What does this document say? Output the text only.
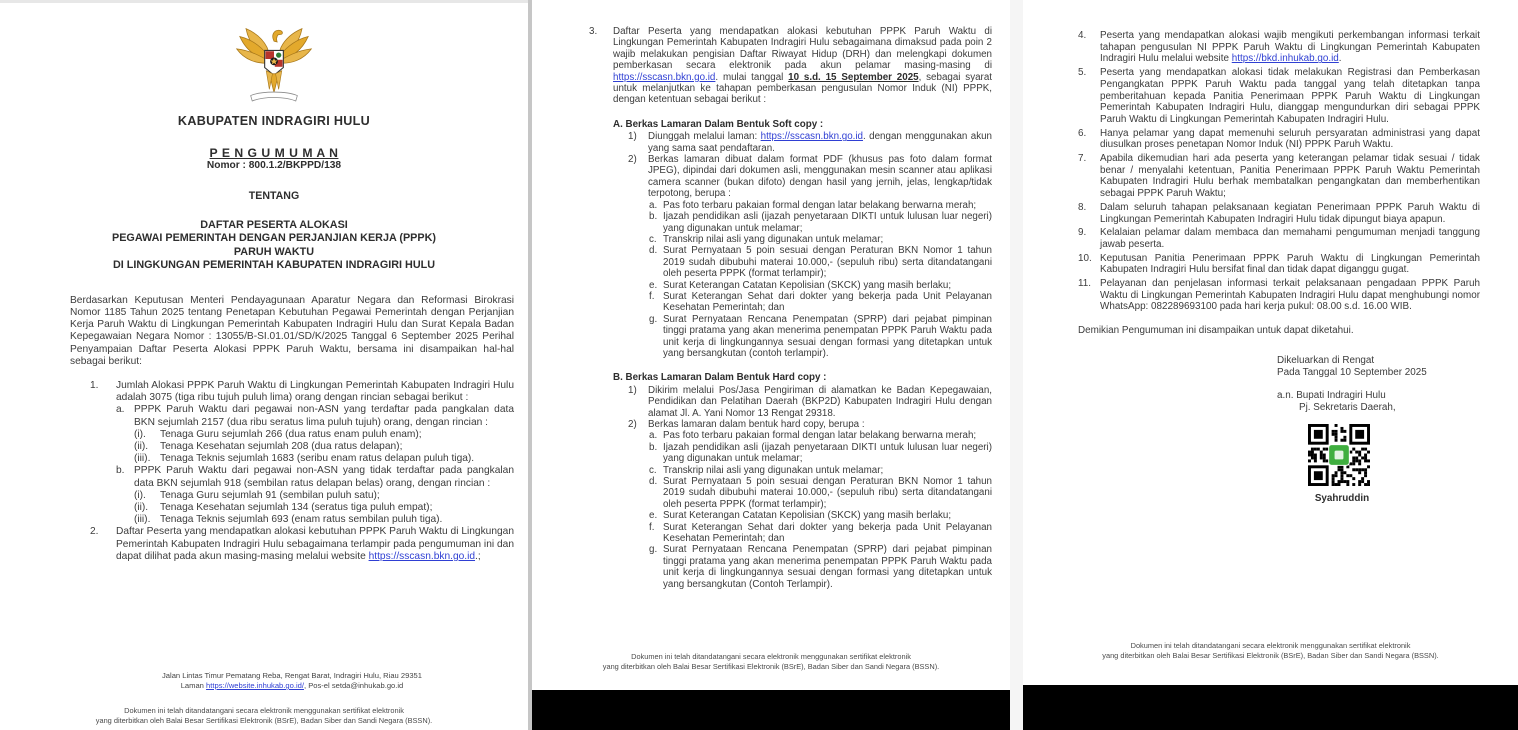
KABUPATEN INDRAGIRI HULU
P E N G U M U M A N
Nomor : 800.1.2/BKPPD/138
TENTANG
DAFTAR PESERTA ALOKASI
PEGAWAI PEMERINTAH DENGAN PERJANJIAN KERJA (PPPK)
PARUH WAKTU
DI LINGKUNGAN PEMERINTAH KABUPATEN INDRAGIRI HULU

Berdasarkan Keputusan Menteri Pendayagunaan Aparatur Negara dan Reformasi Birokrasi Nomor 1185 Tahun 2025 tentang Penetapan Kebutuhan Pegawai Pemerintah dengan Perjanjian Kerja Paruh Waktu di Lingkungan Pemerintah Kabupaten Indragiri Hulu dan Surat Kepala Badan Kepegawaian Negara Nomor : 13055/B-SI.01.01/SD/K/2025 Tanggal 6 September 2025 Perihal Penyampaian Daftar Peserta Alokasi PPPK Paruh Waktu, bersama ini disampaikan hal-hal sebagai berikut:

1.	Jumlah Alokasi PPPK Paruh Waktu di Lingkungan Pemerintah Kabupaten Indragiri Hulu adalah 3075 (tiga ribu tujuh puluh lima) orang dengan rincian sebagai berikut :
a. PPPK Paruh Waktu dari pegawai non-ASN yang terdaftar pada pangkalan data BKN sejumlah 2157 (dua ribu seratus lima puluh tujuh) orang, dengan rincian :
(i).	Tenaga Guru sejumlah 266 (dua ratus enam puluh enam);
(ii).	Tenaga Kesehatan sejumlah 208 (dua ratus delapan);
(iii). Tenaga Teknis sejumlah 1683 (seribu enam ratus delapan puluh tiga).
b. PPPK Paruh Waktu dari pegawai non-ASN yang tidak terdaftar pada pangkalan data BKN sejumlah 918 (sembilan ratus delapan belas) orang, dengan rincian :
(i).	Tenaga Guru sejumlah 91 (sembilan puluh satu);
(ii).	Tenaga Kesehatan sejumlah 134 (seratus tiga puluh empat);
(iii). Tenaga Teknis sejumlah 693 (enam ratus sembilan puluh tiga).
2.	Daftar Peserta yang mendapatkan alokasi kebutuhan PPPK Paruh Waktu di Lingkungan Pemerintah Kabupaten Indragiri Hulu sebagaimana terlampir pada pengumuman ini dan dapat dilihat pada akun masing-masing melalui website https://sscasn.bkn.go.id.;
Jalan Lintas Timur Pematang Reba, Rengat Barat, Indragiri Hulu, Riau 29351
Laman https://website.inhukab.go.id/, Pos-el setda@inhukab.go.id
Dokumen ini telah ditandatangani secara elektronik menggunakan sertifikat elektronik
yang diterbitkan oleh Balai Besar Sertifikasi Elektronik (BSrE), Badan Siber dan Sandi Negara (BSSN).
3.	Daftar Peserta yang mendapatkan alokasi kebutuhan PPPK Paruh Waktu di Lingkungan Pemerintah Kabupaten Indragiri Hulu sebagaimana dimaksud pada poin 2 wajib melakukan pengisian Daftar Riwayat Hidup (DRH) dan melengkapi dokumen pemberkasan secara elektronik pada akun pelamar masing-masing di https://sscasn.bkn.go.id. mulai tanggal 10 s.d. 15 September 2025, sebagai syarat untuk melanjutkan ke tahapan pemberkasan pengusulan Nomor Induk (NI) PPPK, dengan ketentuan sebagai berikut :
A. Berkas Lamaran Dalam Bentuk Soft copy :
1)	Diunggah melalui laman: https://sscasn.bkn.go.id. dengan menggunakan akun yang sama saat pendaftaran.
2)	Berkas lamaran dibuat dalam format PDF (khusus pas foto dalam format JPEG), dipindai dari dokumen asli, menggunakan mesin scanner atau aplikasi camera scanner (bukan difoto) dengan hasil yang jernih, jelas, lengkap/tidak terpotong, berupa :
a. Pas foto terbaru pakaian formal dengan latar belakang berwarna merah;
b. Ijazah pendidikan asli (ijazah penyetaraan DIKTI untuk lulusan luar negeri) yang digunakan untuk melamar;
c. Transkrip nilai asli yang digunakan untuk melamar;
d. Surat Pernyataan 5 poin sesuai dengan Peraturan BKN Nomor 1 tahun 2019 sudah dibubuhi materai 10.000,- (sepuluh ribu) serta ditandatangani oleh peserta PPPK (format terlampir);
e. Surat Keterangan Catatan Kepolisian (SKCK) yang masih berlaku;
f. Surat Keterangan Sehat dari dokter yang bekerja pada Unit Pelayanan Kesehatan Pemerintah; dan
g. Surat Pernyataan Rencana Penempatan (SPRP) dari pejabat pimpinan tinggi pratama yang akan menerima penempatan PPPK Paruh Waktu pada unit kerja di lingkungannya sesuai dengan formasi yang ditetapkan untuk yang bersangkutan (contoh terlampir).
B. Berkas Lamaran Dalam Bentuk Hard copy :
1)	Dikirim melalui Pos/Jasa Pengiriman di alamatkan ke Badan Kepegawaian, Pendidikan dan Pelatihan Daerah (BKP2D) Kabupaten Indragiri Hulu dengan alamat Jl. A. Yani Nomor 13 Rengat 29318.
2)	Berkas lamaran dalam bentuk hard copy, berupa :
a. Pas foto terbaru pakaian formal dengan latar belakang berwarna merah;
b. Ijazah pendidikan asli (ijazah penyetaraan DIKTI untuk lulusan luar negeri) yang digunakan untuk melamar;
c. Transkrip nilai asli yang digunakan untuk melamar;
d. Surat Pernyataan 5 poin sesuai dengan Peraturan BKN Nomor 1 tahun 2019 sudah dibubuhi materai 10.000,- (sepuluh ribu) serta ditandatangani oleh peserta PPPK (format terlampir);
e. Surat Keterangan Catatan Kepolisian (SKCK) yang masih berlaku;
f. Surat Keterangan Sehat dari dokter yang bekerja pada Unit Pelayanan Kesehatan Pemerintah; dan
g. Surat Pernyataan Rencana Penempatan (SPRP) dari pejabat pimpinan tinggi pratama yang akan menerima penempatan PPPK Paruh Waktu pada unit kerja di lingkungannya sesuai dengan formasi yang ditetapkan untuk yang bersangkutan (Contoh Terlampir).
Dokumen ini telah ditandatangani secara elektronik menggunakan sertifikat elektronik
yang diterbitkan oleh Balai Besar Sertifikasi Elektronik (BSrE), Badan Siber dan Sandi Negara (BSSN).
4.	Peserta yang mendapatkan alokasi wajib mengikuti perkembangan informasi terkait tahapan pengusulan NI PPPK Paruh Waktu di Lingkungan Pemerintah Kabupaten Indragiri Hulu melalui website https://bkd.inhukab.go.id.
5.	Peserta yang mendapatkan alokasi tidak melakukan Registrasi dan Pemberkasan Pengangkatan PPPK Paruh Waktu pada tanggal yang telah ditetapkan tanpa pemberitahuan kepada Panitia Penerimaan PPPK Paruh Waktu di Lingkungan Pemerintah Kabupaten Indragiri Hulu, dianggap mengundurkan diri sebagai PPPK Paruh Waktu di Lingkungan Pemerintah Kabupaten Indragiri Hulu.
6.	Hanya pelamar yang dapat memenuhi seluruh persyaratan administrasi yang dapat diusulkan proses penetapan Nomor Induk (NI) PPPK Paruh Waktu.
7.	Apabila dikemudian hari ada peserta yang keterangan pelamar tidak sesuai / tidak benar / menyalahi ketentuan, Panitia Penerimaan PPPK Paruh Waktu Pemerintah Kabupaten Indragiri Hulu berhak membatalkan pengangkatan dan memberhentikan sebagai PPPK Paruh Waktu;
8.	Dalam seluruh tahapan pelaksanaan kegiatan Penerimaan PPPK Paruh Waktu di Lingkungan Pemerintah Kabupaten Indragiri Hulu tidak dipungut biaya apapun.
9.	Kelalaian pelamar dalam membaca dan memahami pengumuman menjadi tanggung jawab peserta.
10. Keputusan Panitia Penerimaan PPPK Paruh Waktu di Lingkungan Pemerintah Kabupaten Indragiri Hulu bersifat final dan tidak dapat diganggu gugat.
11. Pelayanan dan penjelasan informasi terkait pelaksanaan pengadaan PPPK Paruh Waktu di Lingkungan Pemerintah Kabupaten Indragiri Hulu dapat menghubungi nomor WhatsApp: 082289693100 pada hari kerja pukul: 08.00 s.d. 16.00 WIB.
Demikian Pengumuman ini disampaikan untuk dapat diketahui.
Dikeluarkan di Rengat
Pada Tanggal 10 September 2025
a.n. Bupati Indragiri Hulu
Pj. Sekretaris Daerah,
Syahruddin
Dokumen ini telah ditandatangani secara elektronik menggunakan sertifikat elektronik
yang diterbitkan oleh Balai Besar Sertifikasi Elektronik (BSrE), Badan Siber dan Sandi Negara (BSSN).
